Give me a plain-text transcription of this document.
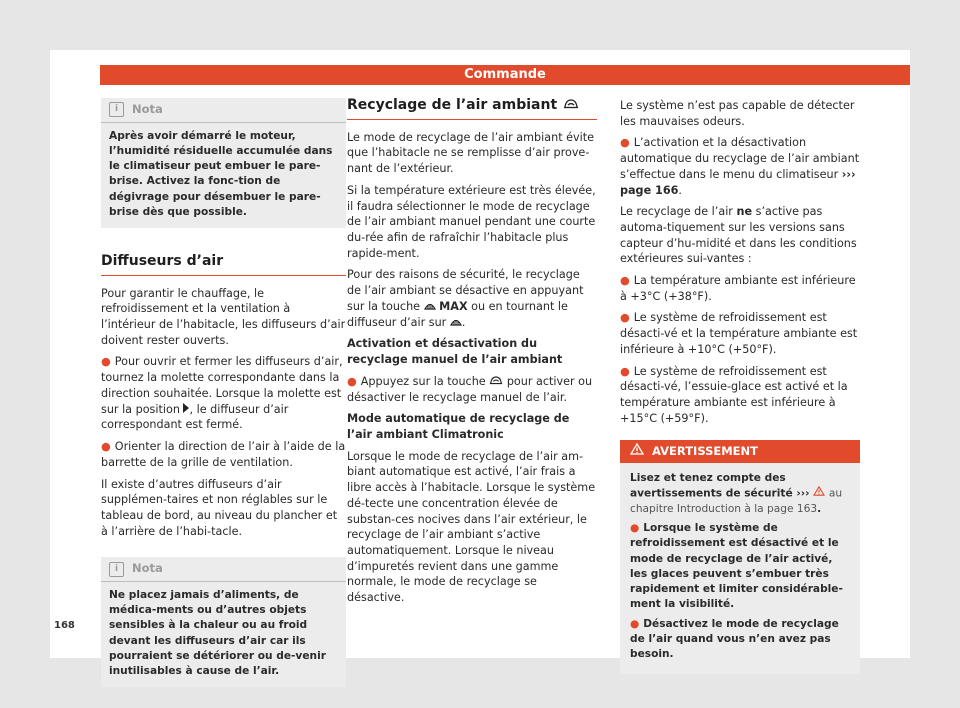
Commande
i	Nota
Après avoir démarré le moteur, l’humidité résiduelle accumulée dans le climatiseur peut embuer le pare-brise. Activez la fonc-tion de dégivrage pour désembuer le pare-brise dès que possible.
Diffuseurs d’air

Pour garantir le chauffage, le refroidissement et la ventilation à l’intérieur de l’habitacle, les diffuseurs d’air doivent rester ouverts.

● Pour ouvrir et fermer les diffuseurs d’air, tournez la molette correspondante dans la direction souhaitée. Lorsque la molette est sur la position , le diffuseur d’air correspondant est fermé.

● Orienter la direction de l’air à l’aide de la barrette de la grille de ventilation.

Il existe d’autres diffuseurs d’air supplémen-taires et non réglables sur le tableau de bord, au niveau du plancher et à l’arrière de l’habi-tacle.

i	Nota
Ne placez jamais d’aliments, de médica-ments ou d’autres objets sensibles à la chaleur ou au froid devant les diffuseurs d’air car ils pourraient se détériorer ou de-venir inutilisables à cause de l’air.
Recyclage de l’air ambiant

Le mode de recyclage de l’air ambiant évite que l’habitacle ne se remplisse d’air prove-nant de l’extérieur.

Si la température extérieure est très élevée, il faudra sélectionner le mode de recyclage de l’air ambiant manuel pendant une courte du-rée afin de rafraîchir l’habitacle plus rapide-ment.

Pour des raisons de sécurité, le recyclage de l’air ambiant se désactive en appuyant sur la touche MAX ou en tournant le diffuseur d’air sur .

Activation et désactivation du recyclage manuel de l’air ambiant

● Appuyez sur la touche pour activer ou désactiver le recyclage manuel de l’air.

Mode automatique de recyclage de l’air ambiant Climatronic

Lorsque le mode de recyclage de l’air am-biant automatique est activé, l’air frais a libre accès à l’habitacle. Lorsque le système dé-tecte une concentration élevée de substan-ces nocives dans l’air extérieur, le recyclage de l’air ambiant s’active automatiquement. Lorsque le niveau d’impuretés revient dans une gamme normale, le mode de recyclage se désactive.

Le système n’est pas capable de détecter les mauvaises odeurs.

● L’activation et la désactivation automatique du recyclage de l’air ambiant s’effectue dans le menu du climatiseur ››› page 166.

Le recyclage de l’air ne s’active pas automa-tiquement sur les versions sans capteur d’hu-midité et dans les conditions extérieures sui-vantes :

● La température ambiante est inférieure à +3°C (+38°F).

● Le système de refroidissement est désacti-vé et la température ambiante est inférieure à +10°C (+50°F).

● Le système de refroidissement est désacti-vé, l’essuie-glace est activé et la température ambiante est inférieure à +15°C (+59°F).

AVERTISSEMENT

Lisez et tenez compte des avertissements de sécurité ››› au chapitre Introduction à la page 163.

● Lorsque le système de refroidissement est désactivé et le mode de recyclage de l’air activé, les glaces peuvent s’embuer très rapidement et limiter considérable-ment la visibilité.

● Désactivez le mode de recyclage de l’air quand vous n’en avez pas besoin.

168
